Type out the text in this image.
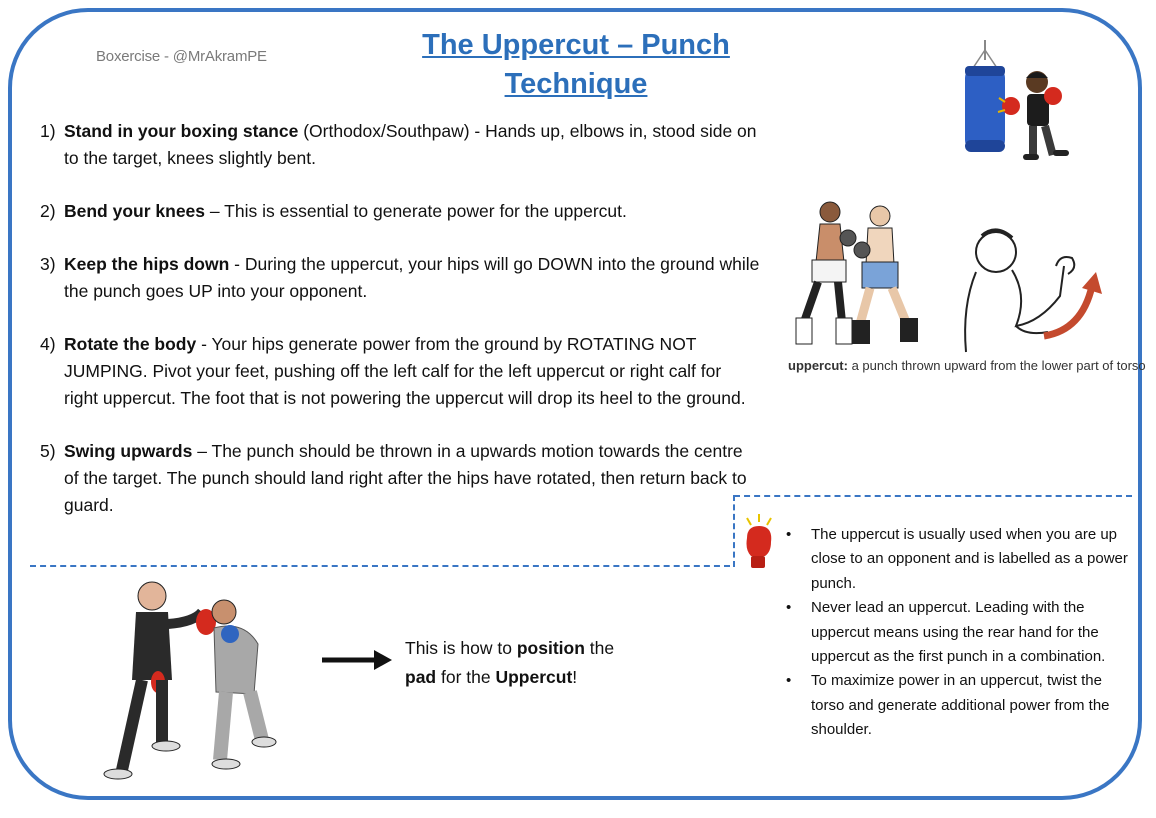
Boxercise - @MrAkramPE	The Uppercut – Punch
Technique
1) Stand in your boxing stance (Orthodox/Southpaw) - Hands up, elbows in, stood side on to the target, knees slightly bent.
2) Bend your knees – This is essential to generate power for the uppercut.
3) Keep the hips down - During the uppercut, your hips will go DOWN into the ground while the punch goes UP into your opponent.
4) Rotate the body - Your hips generate power from the ground by ROTATING NOT JUMPING. Pivot your feet, pushing off the left calf for the left uppercut or right calf for right uppercut. The foot that is not powering the uppercut will drop its heel to the ground.
5) Swing upwards – The punch should be thrown in a upwards motion towards the centre of the target. The punch should land right after the hips have rotated, then return back to guard.
uppercut: a punch thrown upward from the lower part of torso
• The uppercut is usually used when you are up close to an opponent and is labelled as a power punch.
• Never lead an uppercut. Leading with the uppercut means using the rear hand for the uppercut as the first punch in a combination.
• To maximize power in an uppercut, twist the torso and generate additional power from the shoulder.
This is how to position the
pad for the Uppercut!
